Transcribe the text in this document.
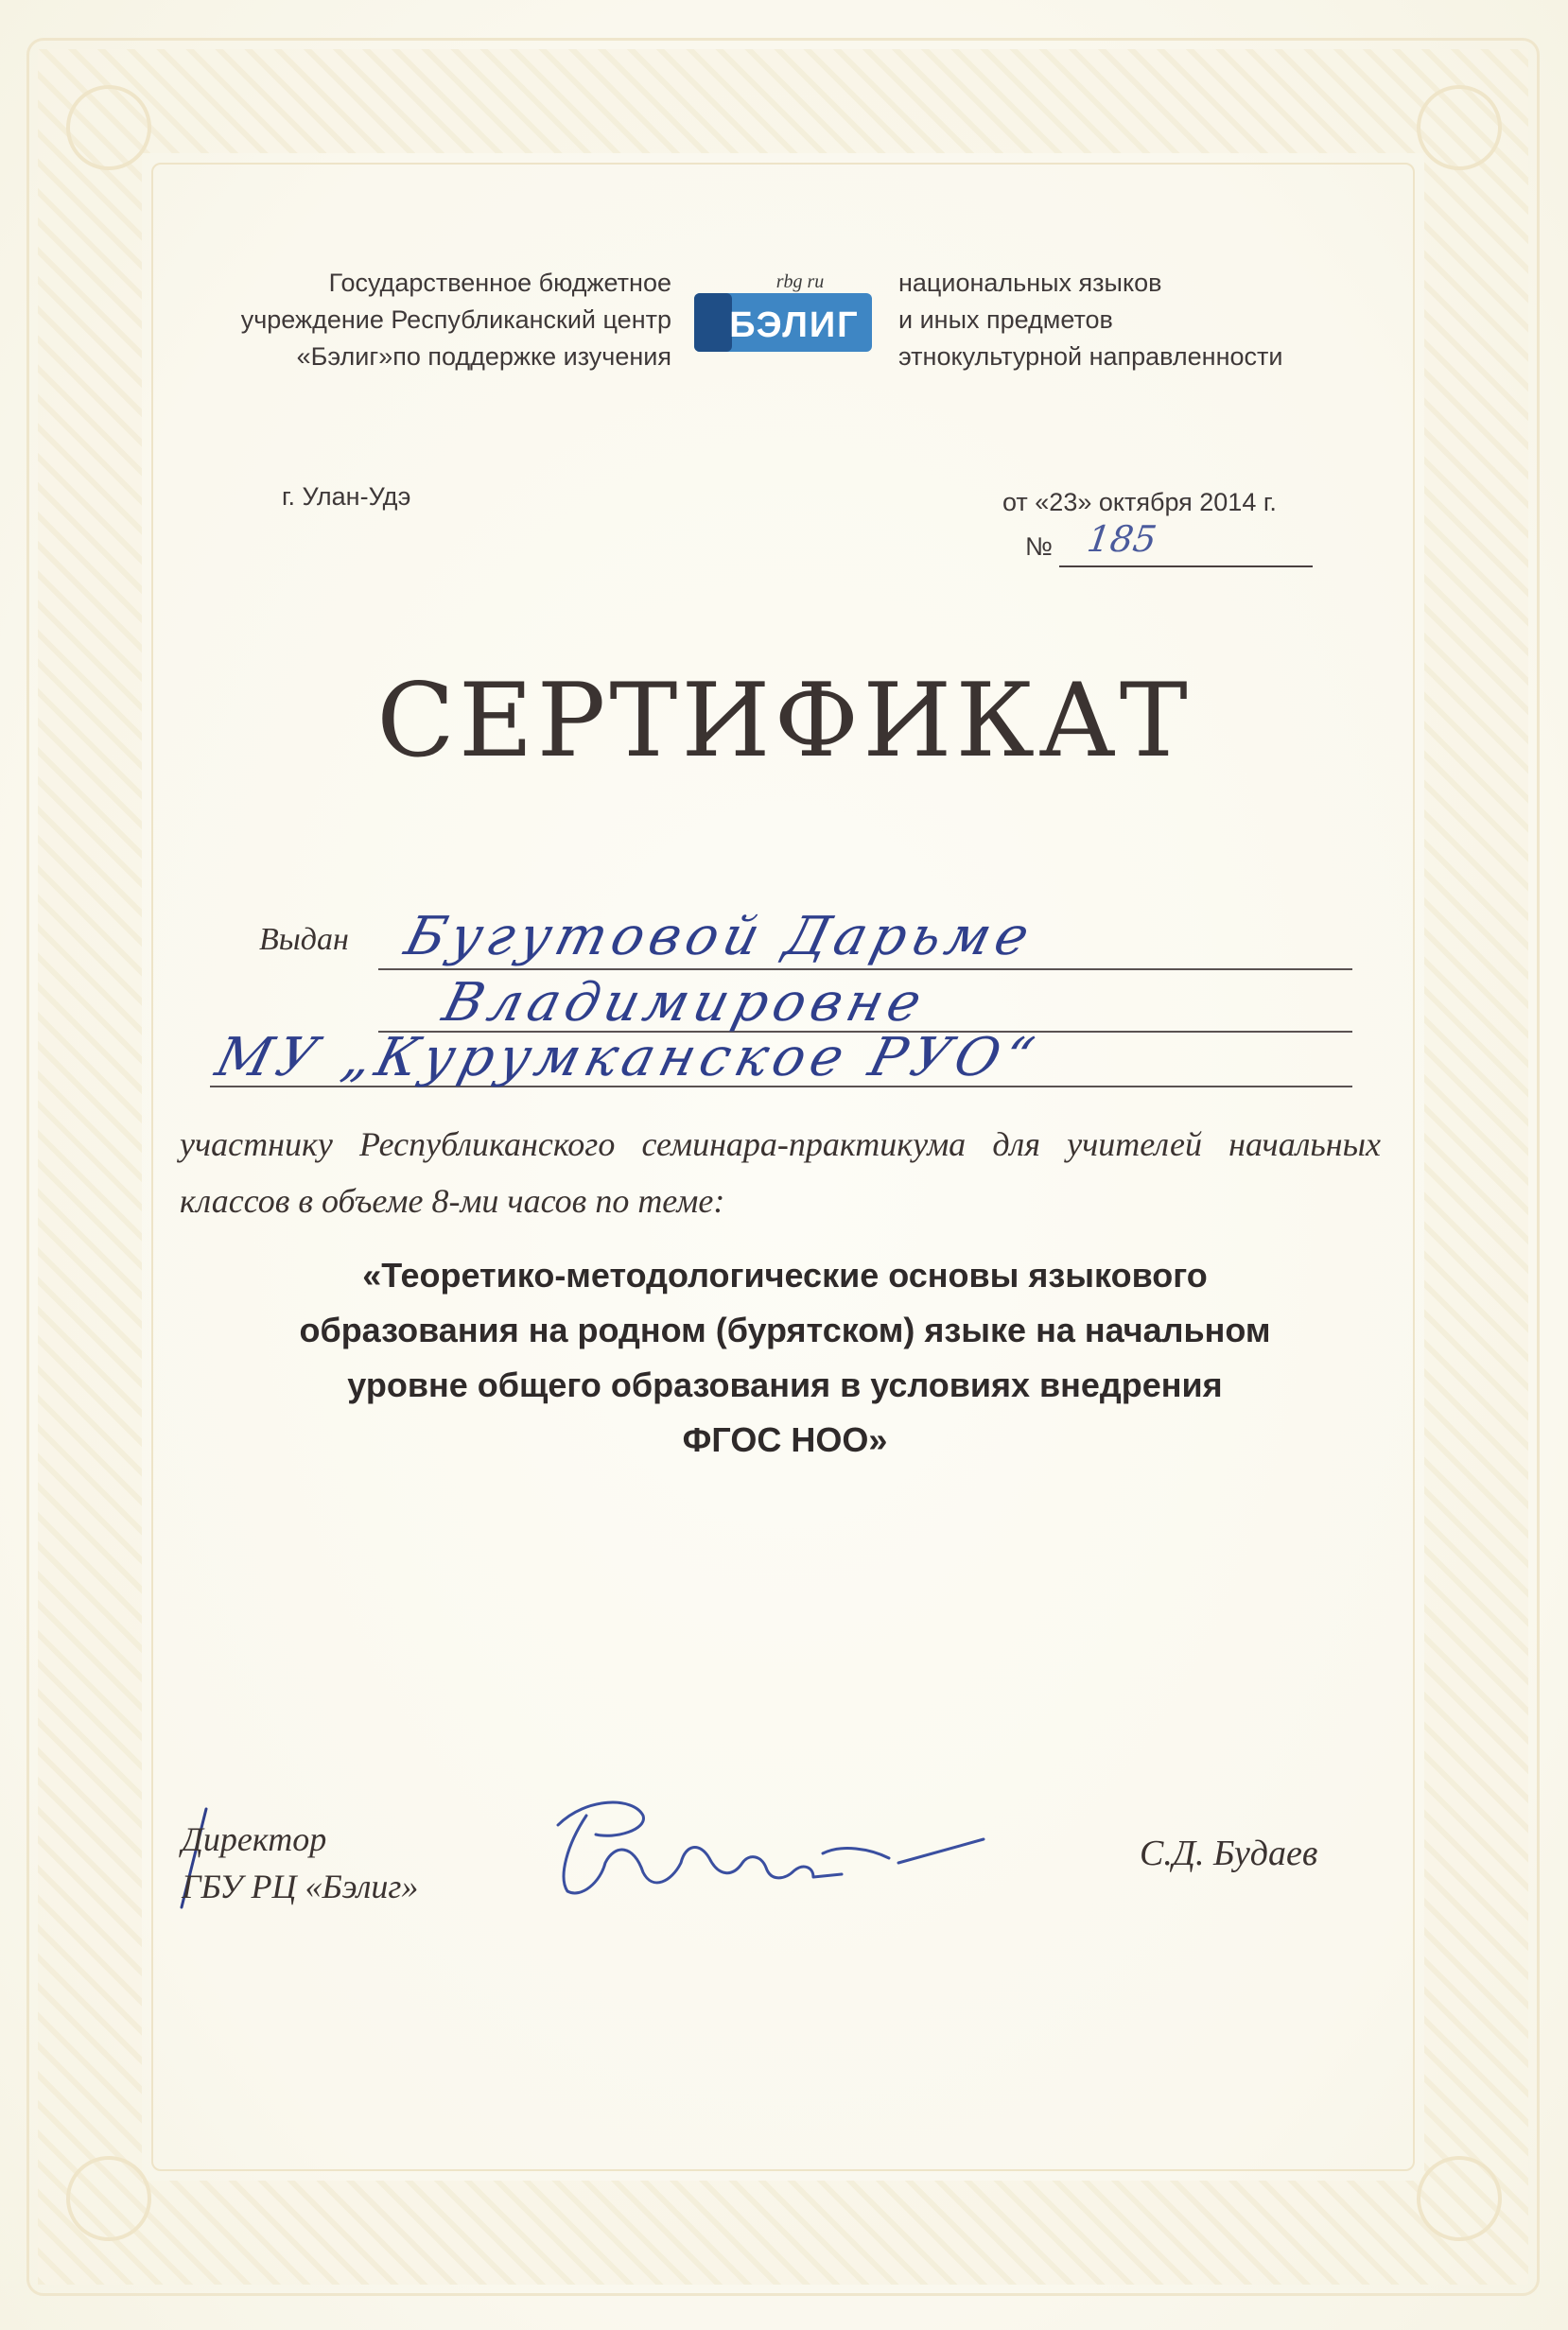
Государственное бюджетное
учреждение Республиканский центр
«Бэлиг»по поддержке изучения
rbg ru
БЭЛИГ
национальных языков
и иных предметов
этнокультурной направленности
г. Улан-Удэ	от «23» октября 2014 г.
№ 185
СЕРТИФИКАТ
Выдан Бугутовой Дарьме
Владимировне
МУ „Курумканское РУО“
участнику Республиканского семинара-практикума для учителей начальных классов в объеме 8-ми часов по теме:
«Теоретико-методологические основы языкового
образования на родном (бурятском) языке на начальном
уровне общего образования в условиях внедрения
ФГОС НОО»
Директор
ГБУ РЦ «Бэлиг»
С.Д. Будаев
